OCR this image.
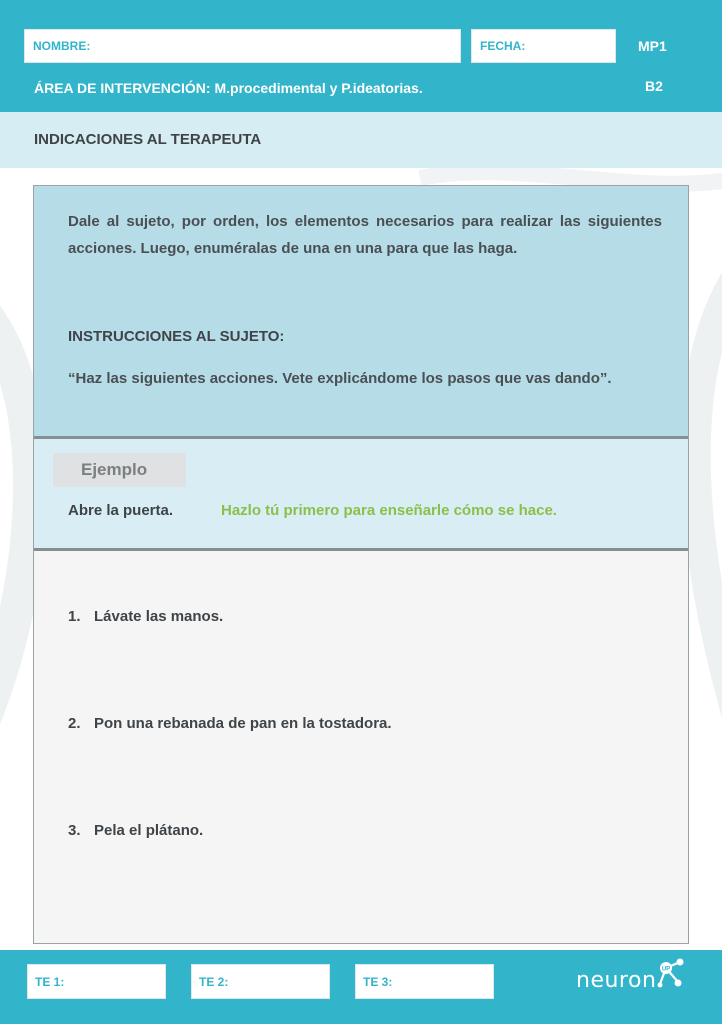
NOMBRE:	FECHA:	MP1
B2
ÁREA DE INTERVENCIÓN: M.procedimental y P.ideatorias.
INDICACIONES AL TERAPEUTA

Dale al sujeto, por orden, los elementos necesarios para realizar las siguientes acciones. Luego, enuméralas de una en una para que las haga.

INSTRUCCIONES AL SUJETO:

“Haz las siguientes acciones. Vete explicándome los pasos que vas dando”.

Ejemplo
Abre la puerta.	Hazlo tú primero para enseñarle cómo se hace.
1. Lávate las manos.
2. Pon una rebanada de pan en la tostadora.
3. Pela el plátano.
TE 1:	TE 2:	TE 3:	neuron UP
